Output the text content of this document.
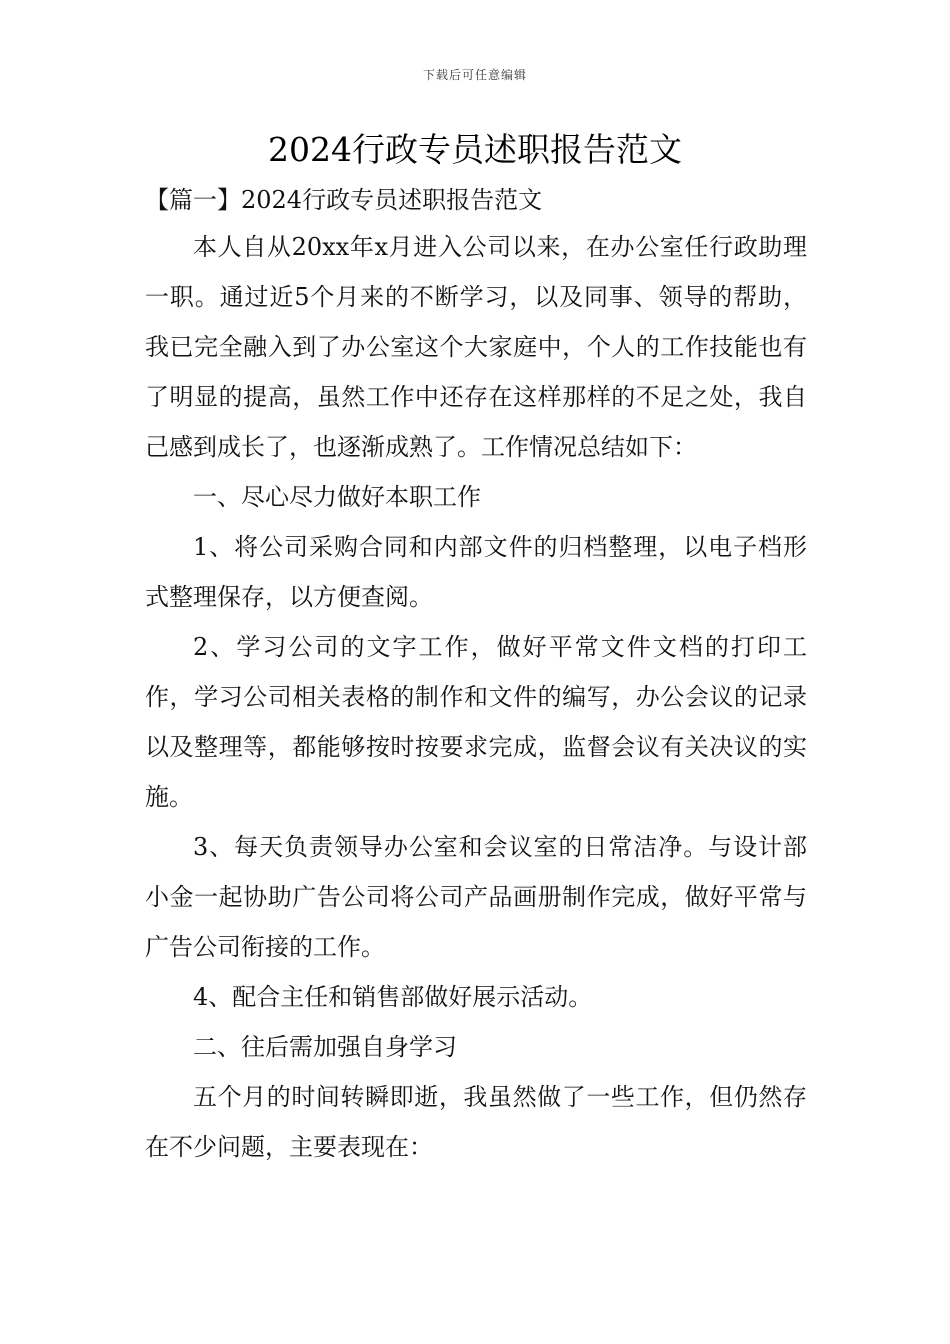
下载后可任意编辑
2024行政专员述职报告范文

【篇一】2024行政专员述职报告范文

本人自从20xx年x月进入公司以来，在办公室任行政助理一职。通过近5个月来的不断学习，以及同事、领导的帮助，我已完全融入到了办公室这个大家庭中，个人的工作技能也有了明显的提高，虽然工作中还存在这样那样的不足之处，我自己感到成长了，也逐渐成熟了。工作情况总结如下：

一、尽心尽力做好本职工作

1、将公司采购合同和内部文件的归档整理，以电子档形式整理保存，以方便查阅。

2、学习公司的文字工作，做好平常文件文档的打印工作，学习公司相关表格的制作和文件的编写，办公会议的记录以及整理等，都能够按时按要求完成，监督会议有关决议的实施。

3、每天负责领导办公室和会议室的日常洁净。与设计部小金一起协助广告公司将公司产品画册制作完成，做好平常与广告公司衔接的工作。

4、配合主任和销售部做好展示活动。

二、往后需加强自身学习

五个月的时间转瞬即逝，我虽然做了一些工作，但仍然存在不少问题，主要表现在：
